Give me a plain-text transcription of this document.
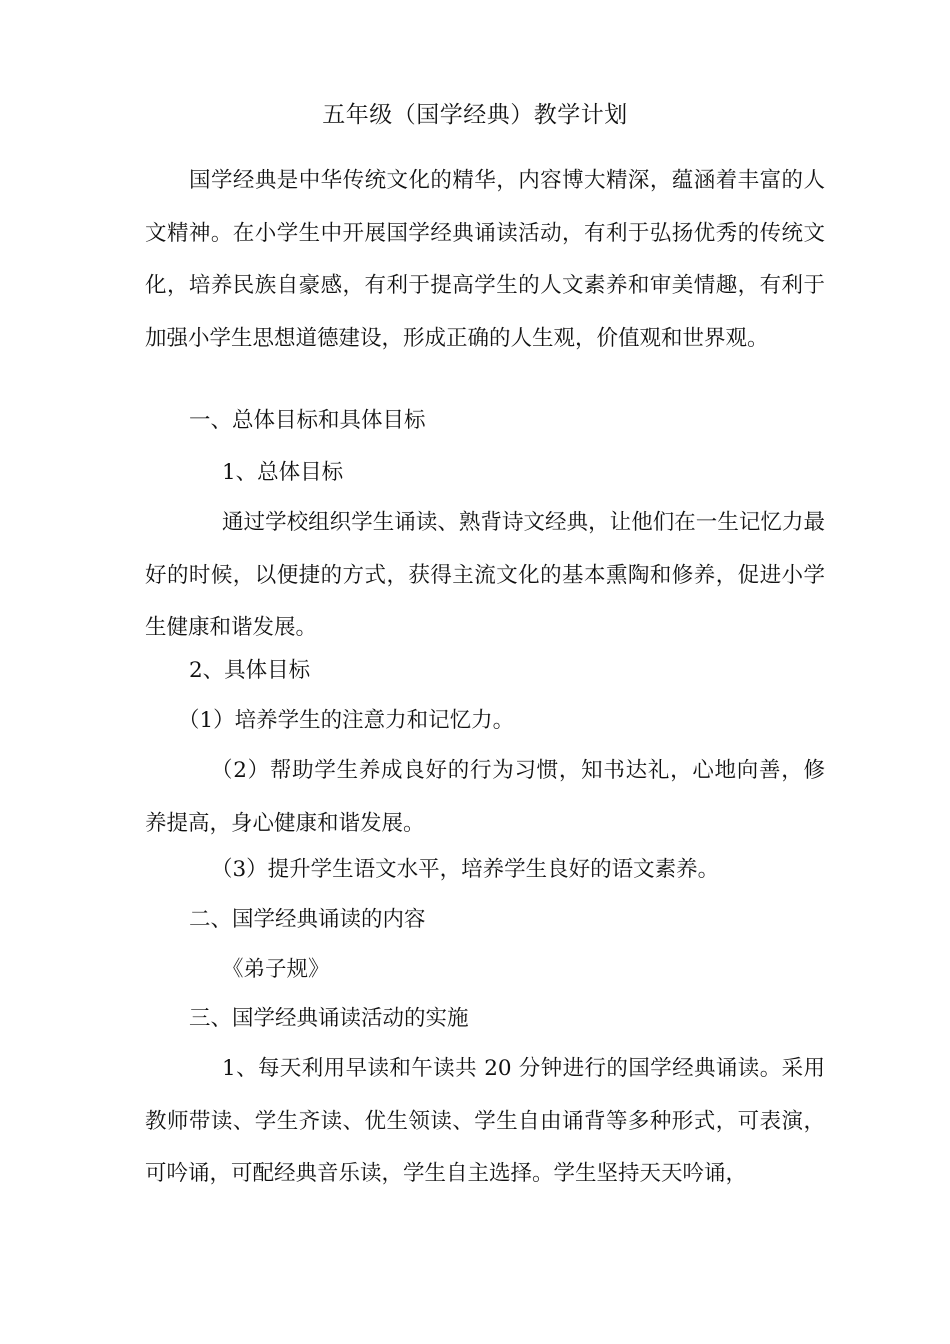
五年级（国学经典）教学计划

国学经典是中华传统文化的精华，内容博大精深，蕴涵着丰富的人文精神。在小学生中开展国学经典诵读活动，有利于弘扬优秀的传统文化，培养民族自豪感，有利于提高学生的人文素养和审美情趣，有利于加强小学生思想道德建设，形成正确的人生观，价值观和世界观。

一、总体目标和具体目标

1、总体目标

通过学校组织学生诵读、熟背诗文经典，让他们在一生记忆力最好的时候，以便捷的方式，获得主流文化的基本熏陶和修养，促进小学生健康和谐发展。

2、具体目标

（1）培养学生的注意力和记忆力。

（2）帮助学生养成良好的行为习惯，知书达礼，心地向善，修养提高，身心健康和谐发展。

（3）提升学生语文水平，培养学生良好的语文素养。

二、国学经典诵读的内容

《弟子规》

三、国学经典诵读活动的实施

1、每天利用早读和午读共 20 分钟进行的国学经典诵读。采用教师带读、学生齐读、优生领读、学生自由诵背等多种形式，可表演，可吟诵，可配经典音乐读，学生自主选择。学生坚持天天吟诵，
